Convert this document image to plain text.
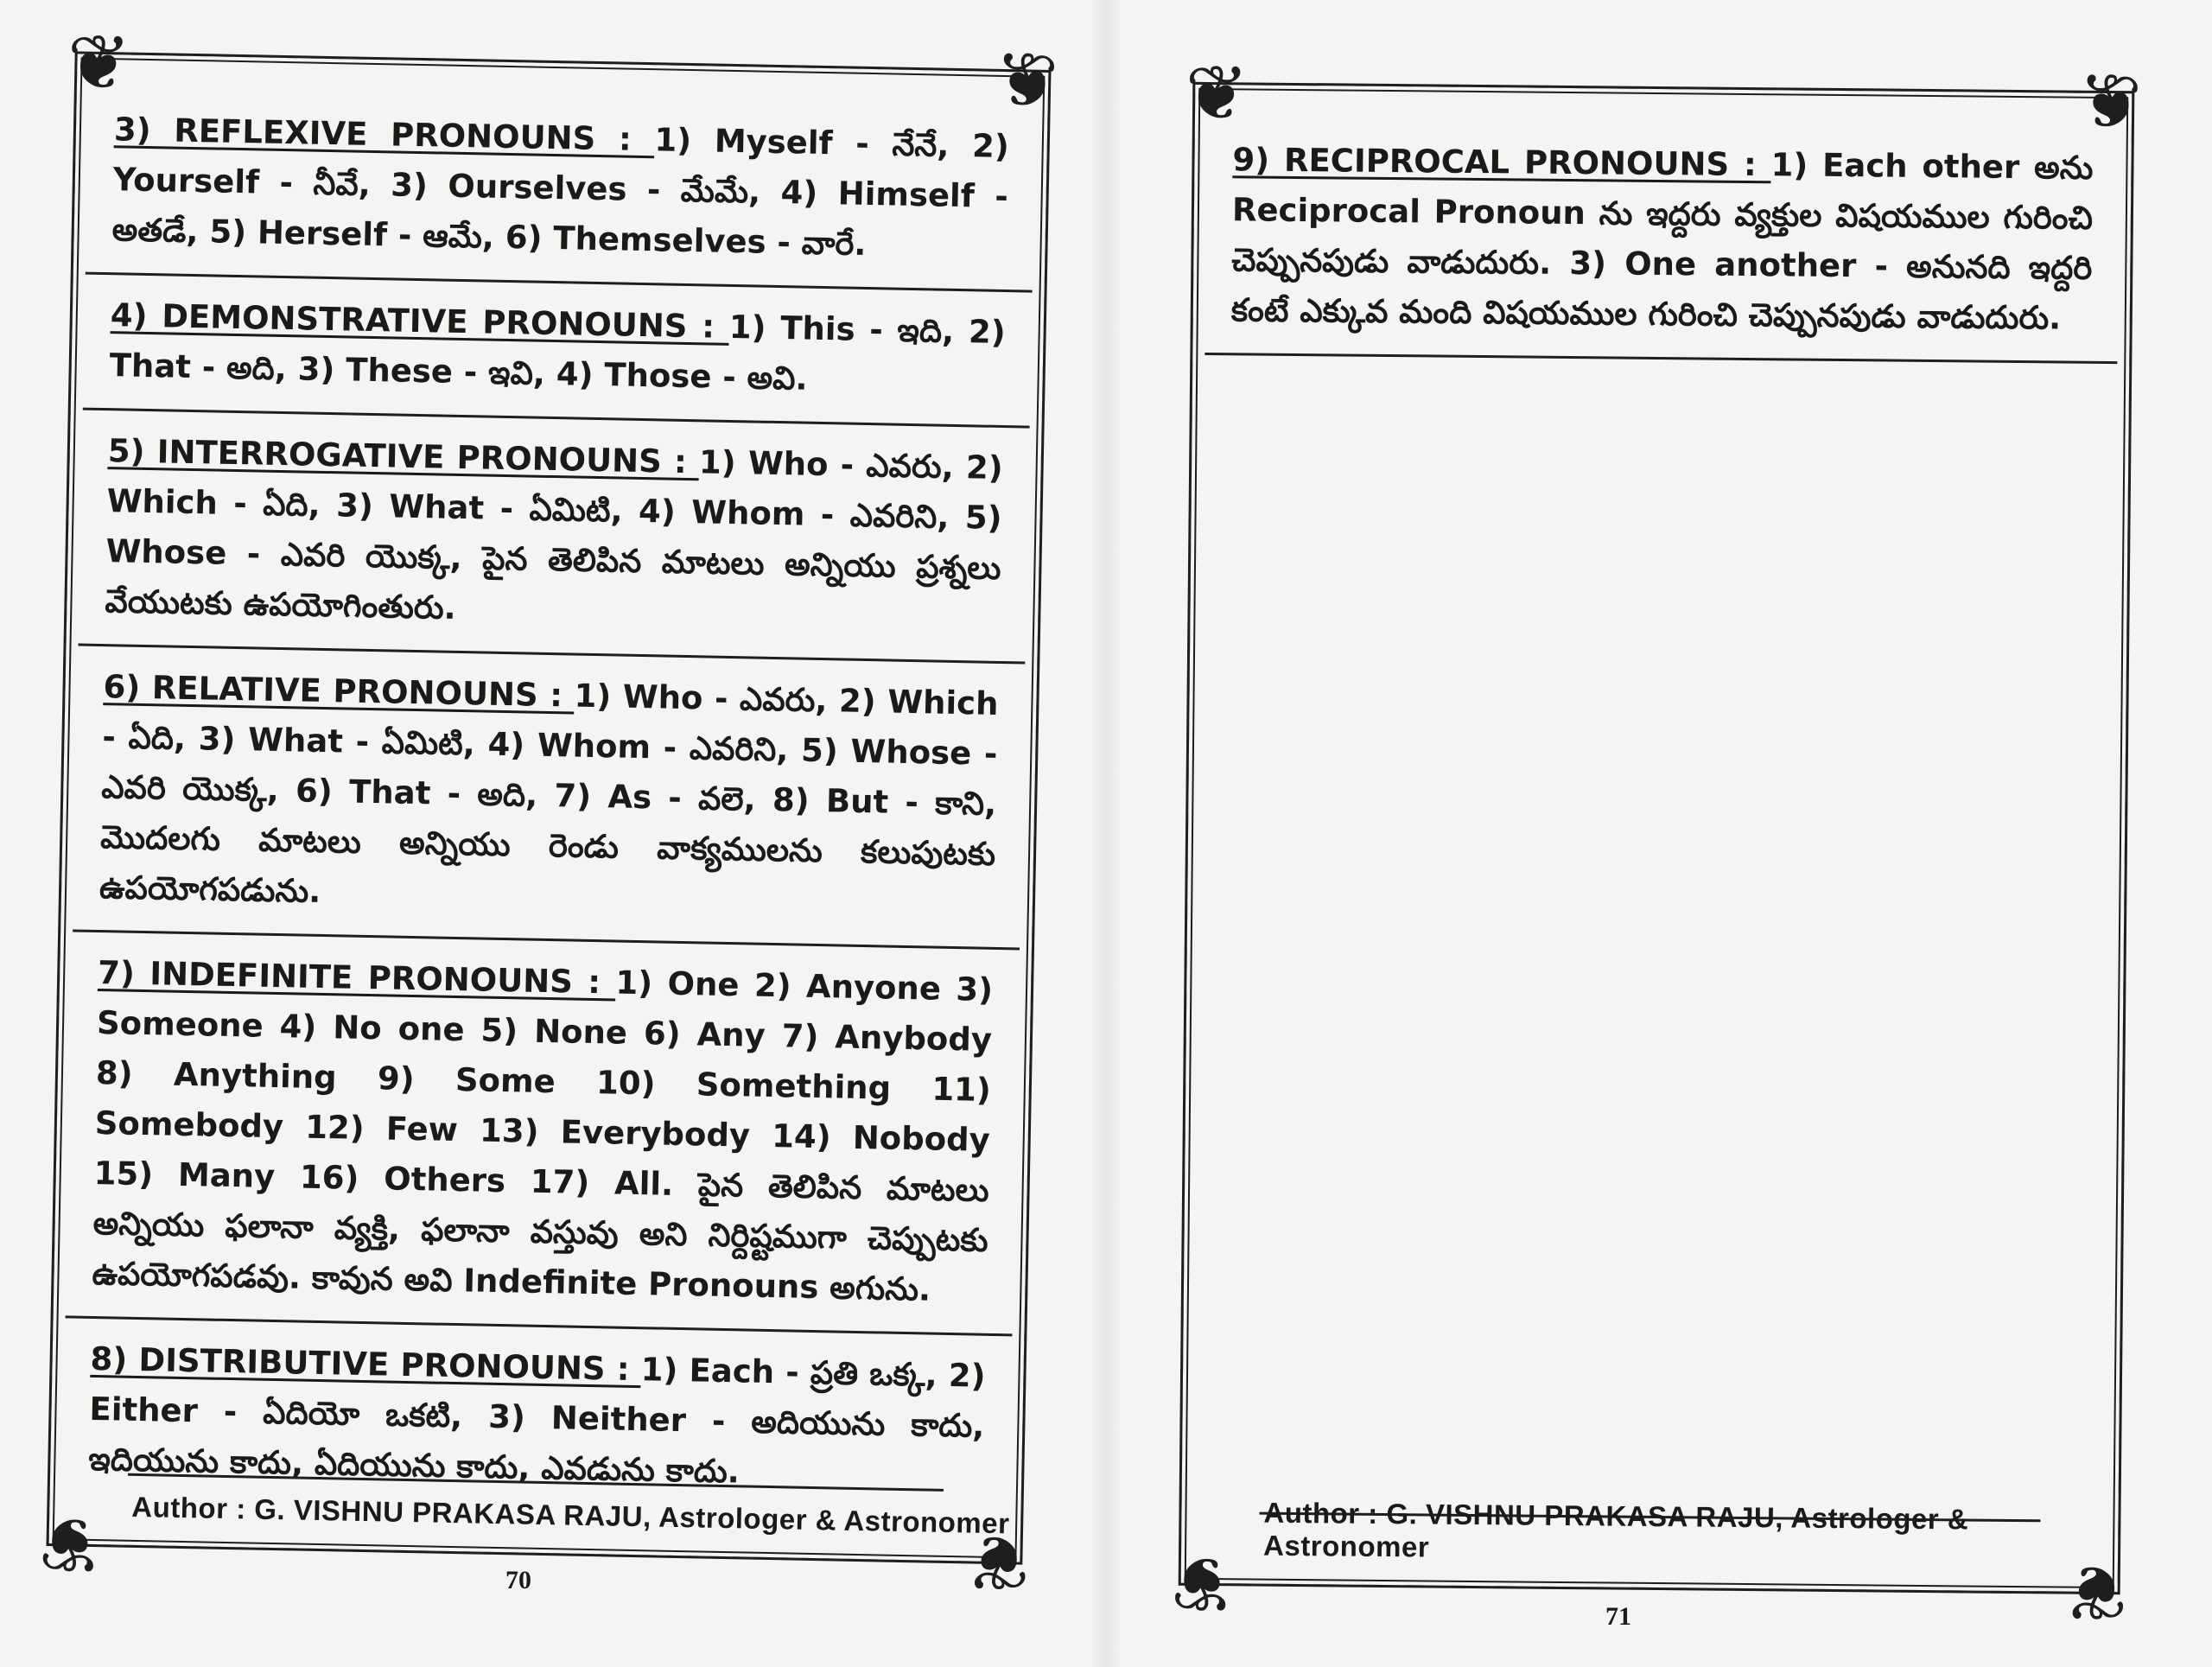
❦	❦
❦	❦
3) REFLEXIVE PRONOUNS : 1) Myself - నేనే, 2) Yourself - నీవే, 3) Ourselves - మేమే, 4) Himself - అతడే, 5) Herself - ఆమే, 6) Themselves - వారే.
4) DEMONSTRATIVE PRONOUNS : 1) This - ఇది, 2) That - అది, 3) These - ఇవి, 4) Those - అవి.
5) INTERROGATIVE PRONOUNS : 1) Who - ఎవరు, 2) Which - ఏది, 3) What - ఏమిటి, 4) Whom - ఎవరిని, 5) Whose - ఎవరి యొక్క, పైన తెలిపిన మాటలు అన్నియు ప్రశ్నలు వేయుటకు ఉపయోగింతురు.
6) RELATIVE PRONOUNS : 1) Who - ఎవరు, 2) Which - ఏది, 3) What - ఏమిటి, 4) Whom - ఎవరిని, 5) Whose - ఎవరి యొక్క, 6) That - అది, 7) As - వలె, 8) But - కాని, మొదలగు మాటలు అన్నియు రెండు వాక్యములను కలుపుటకు ఉపయోగపడును.
7) INDEFINITE PRONOUNS : 1) One 2) Anyone 3) Someone 4) No one 5) None 6) Any 7) Anybody 8) Anything 9) Some 10) Something 11) Somebody 12) Few 13) Everybody 14) Nobody 15) Many 16) Others 17) All. పైన తెలిపిన మాటలు అన్నియు ఫలానా వ్యక్తి, ఫలానా వస్తువు అని నిర్దిష్టముగా చెప్పుటకు ఉపయోగపడవు. కావున అవి Indefinite Pronouns అగును.
8) DISTRIBUTIVE PRONOUNS : 1) Each - ప్రతి ఒక్క, 2) Either - ఏదియో ఒకటి, 3) Neither - అదియును కాదు, ఇదియును కాదు, ఏదియును కాదు, ఎవడును కాదు.
Author : G. VISHNU PRAKASA RAJU, Astrologer & Astronomer
70
❦	❦
❦	❦
9) RECIPROCAL PRONOUNS : 1) Each other అను Reciprocal Pronoun ను ఇద్దరు వ్యక్తుల విషయముల గురించి చెప్పునపుడు వాడుదురు. 3) One another - అనునది ఇద్దరి కంటే ఎక్కువ మంది విషయముల గురించి చెప్పునపుడు వాడుదురు.
Author : G. VISHNU PRAKASA RAJU, Astrologer & Astronomer
71
